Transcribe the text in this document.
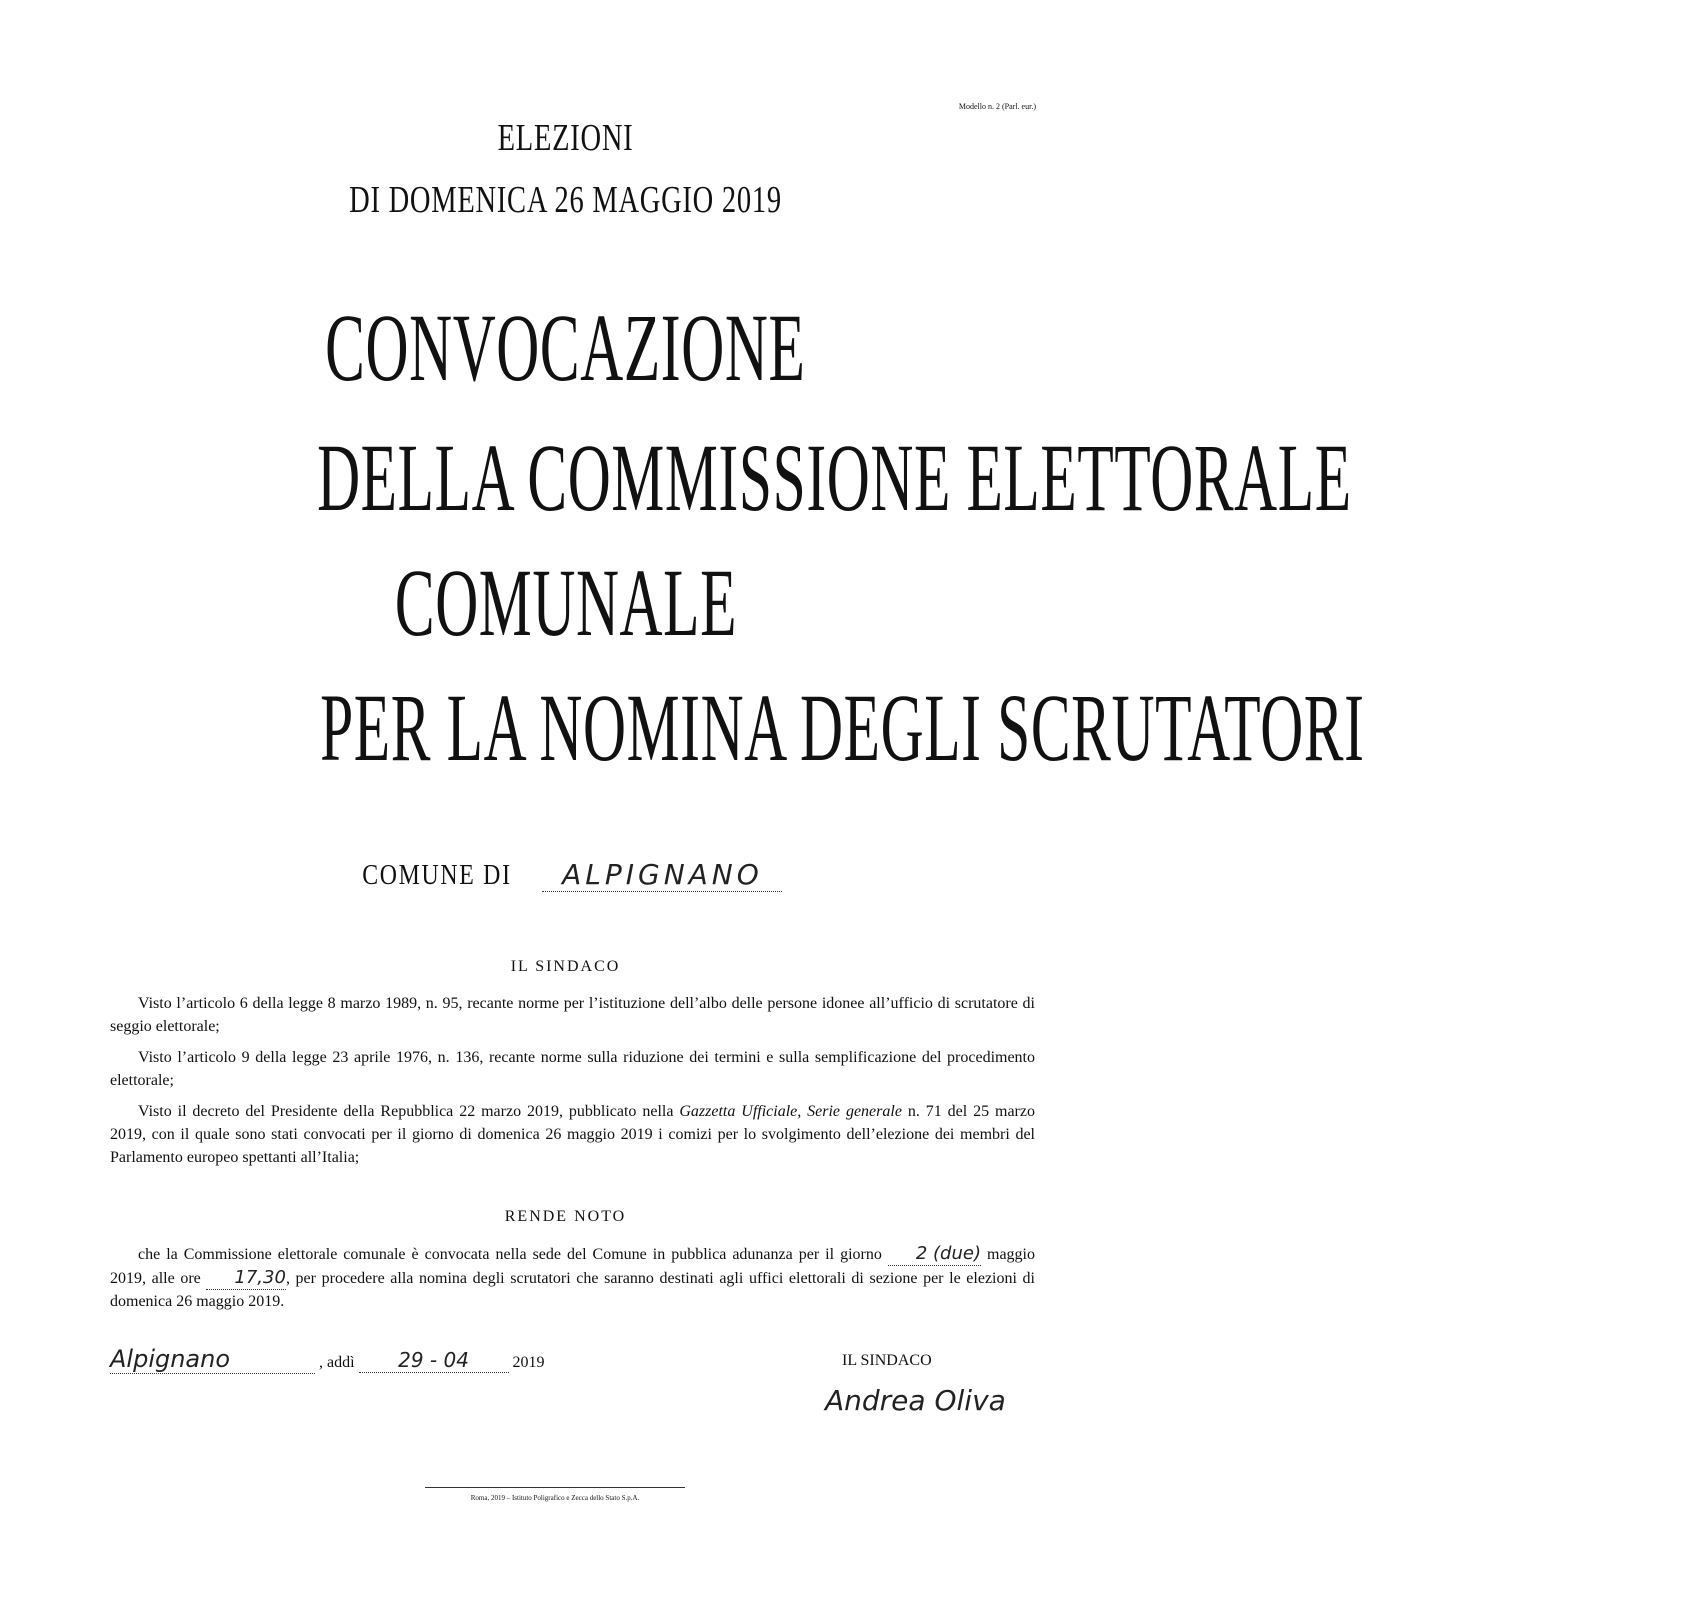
Modello n. 2 (Parl. eur.)
ELEZIONI
DI DOMENICA 26 MAGGIO 2019
CONVOCAZIONE
DELLA COMMISSIONE ELETTORALE
COMUNALE
PER LA NOMINA DEGLI SCRUTATORI
COMUNE DI ALPIGNANO
IL SINDACO

Visto l’articolo 6 della legge 8 marzo 1989, n. 95, recante norme per l’istituzione dell’albo delle persone idonee all’ufficio di scrutatore di seggio elettorale;

Visto l’articolo 9 della legge 23 aprile 1976, n. 136, recante norme sulla riduzione dei termini e sulla semplificazione del procedimento elettorale;

Visto il decreto del Presidente della Repubblica 22 marzo 2019, pubblicato nella Gazzetta Ufficiale, Serie generale n. 71 del 25 marzo 2019, con il quale sono stati convocati per il giorno di domenica 26 maggio 2019 i comizi per lo svolgimento dell’elezione dei membri del Parlamento europeo spettanti all’Italia;

RENDE NOTO

che la Commissione elettorale comunale è convocata nella sede del Comune in pubblica adunanza per il giorno 2 (due) maggio 2019, alle ore 17,30, per procedere alla nomina degli scrutatori che saranno destinati agli uffici elettorali di sezione per le elezioni di domenica 26 maggio 2019.

Alpignano	, addì 29 - 04	2019	IL SINDACO
Andrea Oliva
Roma, 2019 – Istituto Poligrafico e Zecca dello Stato S.p.A.
